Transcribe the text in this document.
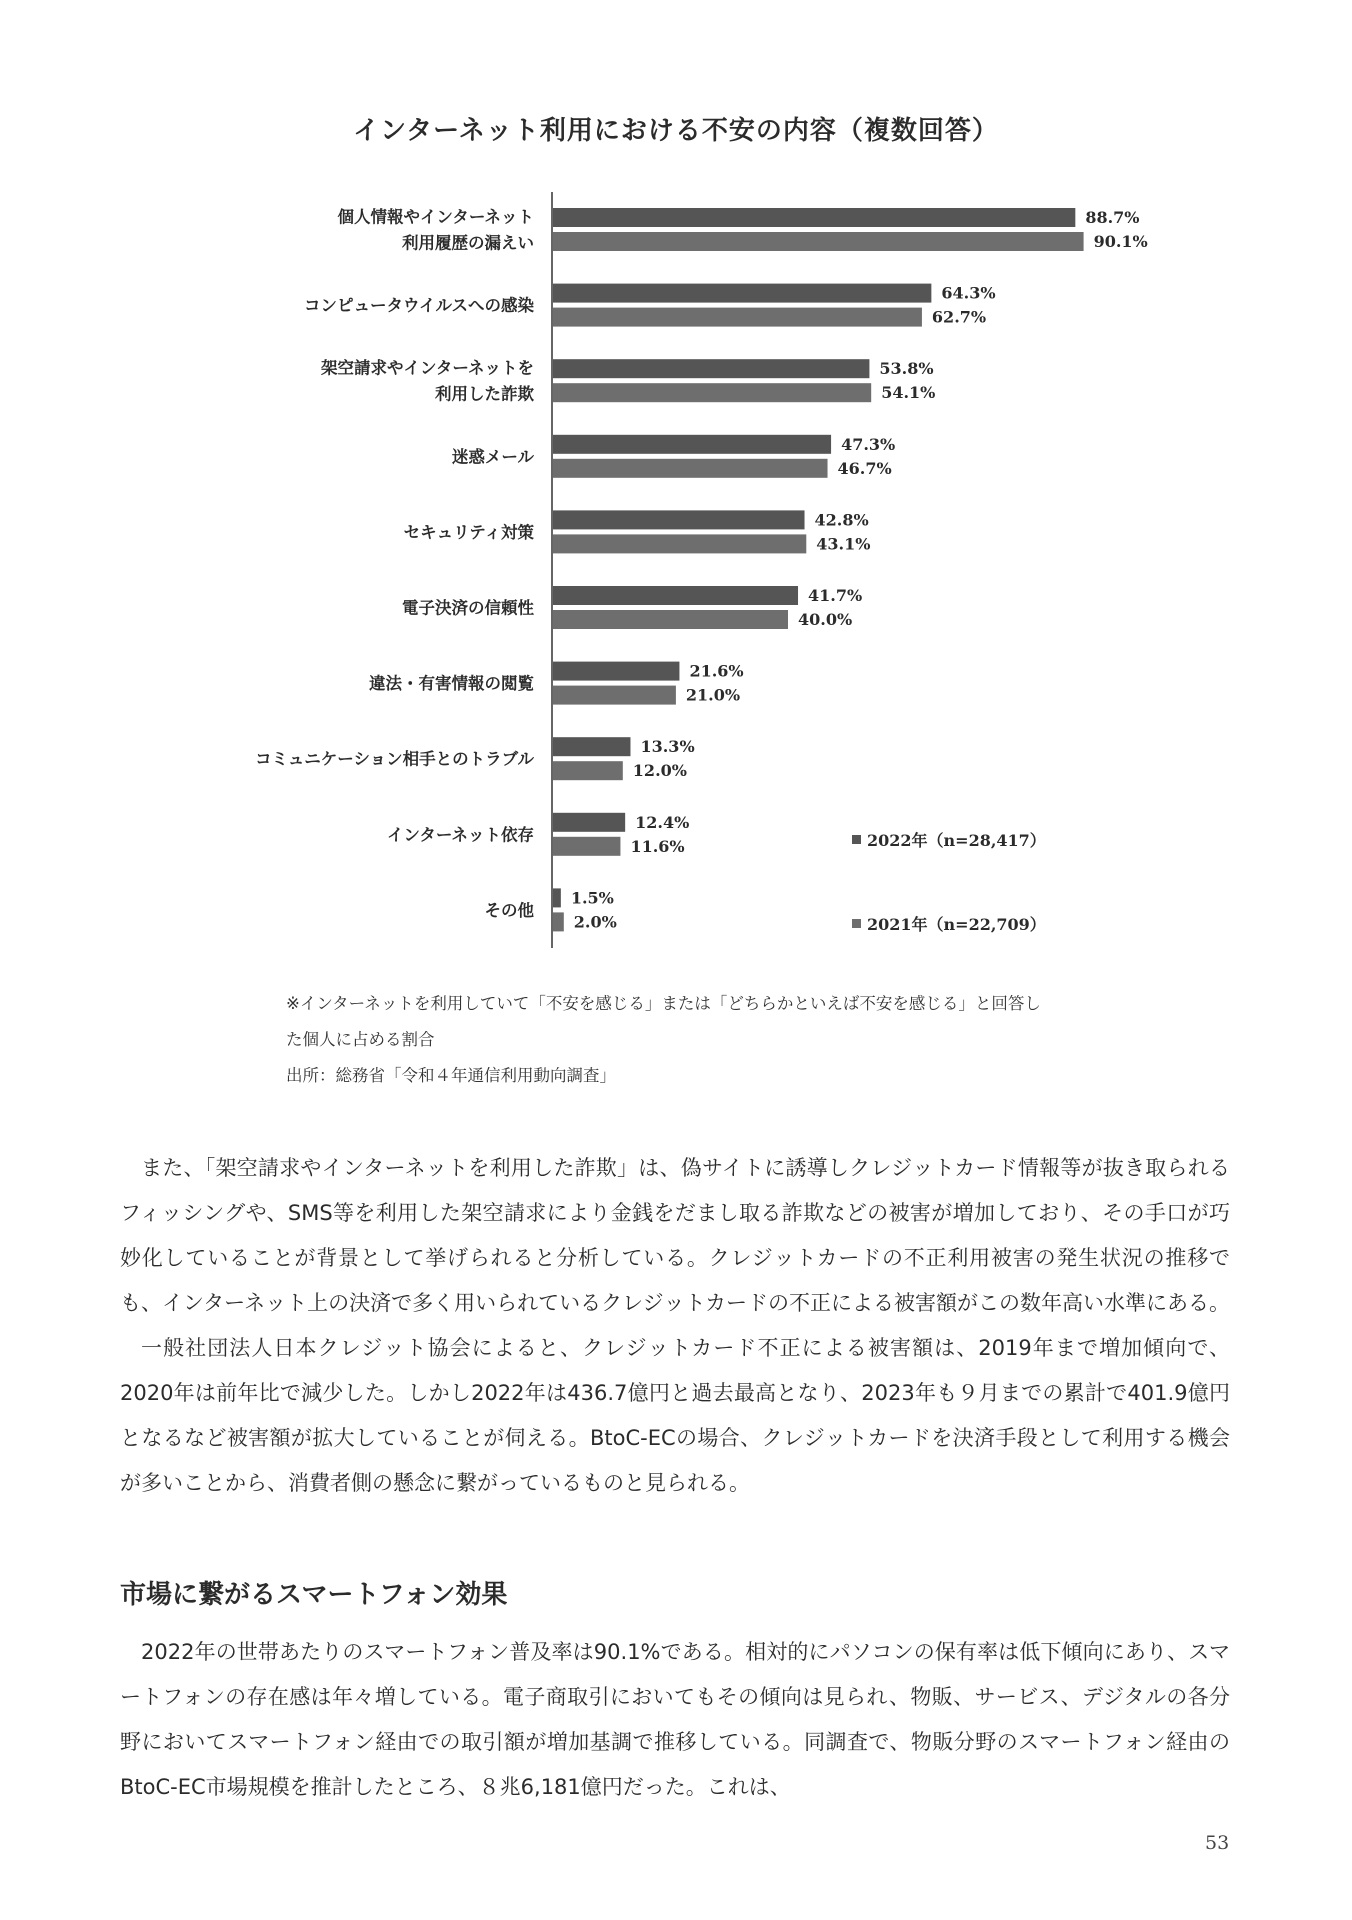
インターネット利用における不安の内容（複数回答）
個人情報やインターネット
利用履歴の漏えい
88.7%
90.1%
コンピュータウイルスへの感染
64.3%
62.7%
架空請求やインターネットを
利用した詐欺
53.8%
54.1%
迷惑メール
47.3%
46.7%
セキュリティ対策
42.8%
43.1%
電子決済の信頼性
41.7%
40.0%
違法・有害情報の閲覧
21.6%
21.0%
コミュニケーション相手とのトラブル
13.3%
12.0%
インターネット依存
12.4%
11.6%
その他
1.5%
2.0%
2022年（n=28,417）
2021年（n=22,709）
※インターネットを利用していて「不安を感じる」または「どちらかといえば不安を感じる」と回答し
た個人に占める割合
出所：総務省「令和４年通信利用動向調査」

また、「架空請求やインターネットを利用した詐欺」は、偽サイトに誘導しクレジットカード情報等が抜き取られるフィッシングや、SMS等を利用した架空請求により金銭をだまし取る詐欺などの被害が増加しており、その手口が巧妙化していることが背景として挙げられると分析している。クレジットカードの不正利用被害の発生状況の推移でも、インターネット上の決済で多く用いられているクレジットカードの不正による被害額がこの数年高い水準にある。

一般社団法人日本クレジット協会によると、クレジットカード不正による被害額は、2019年まで増加傾向で、2020年は前年比で減少した。しかし2022年は436.7億円と過去最高となり、2023年も９月までの累計で401.9億円となるなど被害額が拡大していることが伺える。BtoC-ECの場合、クレジットカードを決済手段として利用する機会が多いことから、消費者側の懸念に繋がっているものと見られる。

市場に繋がるスマートフォン効果

2022年の世帯あたりのスマートフォン普及率は90.1%である。相対的にパソコンの保有率は低下傾向にあり、スマートフォンの存在感は年々増している。電子商取引においてもその傾向は見られ、物販、サービス、デジタルの各分野においてスマートフォン経由での取引額が増加基調で推移している。同調査で、物販分野のスマートフォン経由のBtoC-EC市場規模を推計したところ、８兆6,181億円だった。これは、

53
